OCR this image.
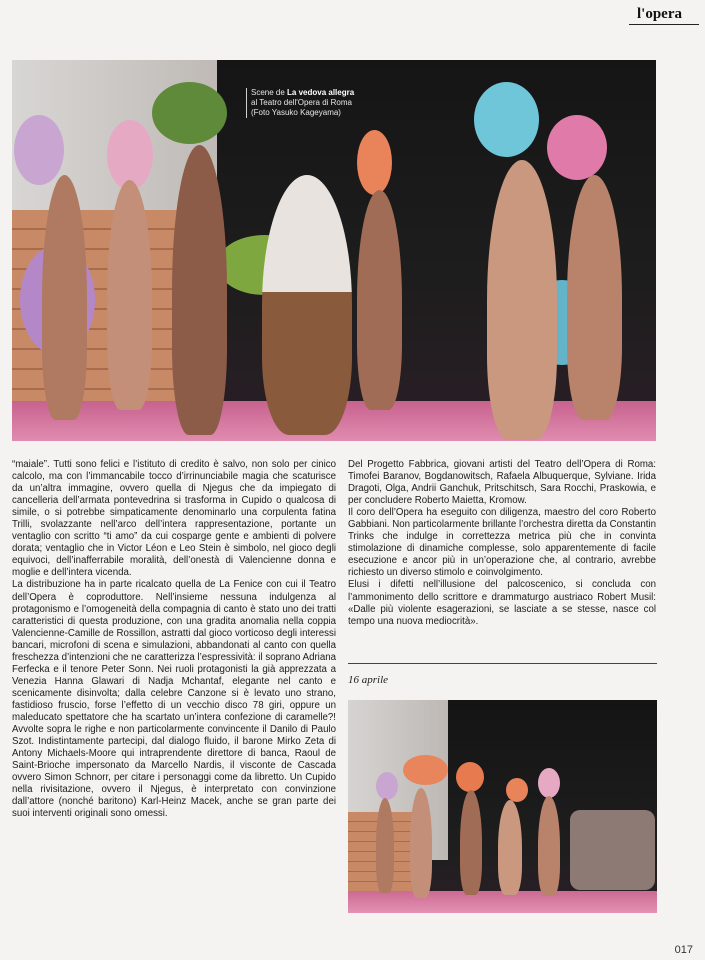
l'opera
Scene de La vedova allegra
al Teatro dell'Opera di Roma
(Foto Yasuko Kageyama)

“maiale”. Tutti sono felici e l’istituto di credito è salvo, non solo per cinico calcolo, ma con l’immancabile tocco d’irrinunciabile magia che scaturisce da un’altra immagine, ovvero quella di Njegus che da impiegato di cancelleria dell’armata pontevedrina si trasforma in Cupido o qualcosa di simile, o si potrebbe simpaticamente denominarlo una corpulenta fatina Trilli, svolazzante nell’arco dell’intera rappresentazione, portante un ventaglio con scritto “ti amo” da cui cosparge gente e ambienti di polvere dorata; ventaglio che in Victor Léon e Leo Stein è simbolo, nel gioco degli equivoci, dell’inafferrabile moralità, dell’onestà di Valencienne donna e moglie e dell’intera vicenda.

La distribuzione ha in parte ricalcato quella de La Fenice con cui il Teatro dell’Opera è coproduttore. Nell’insieme nessuna indulgenza al protagonismo e l’omogeneità della compagnia di canto è stato uno dei tratti caratteristici di questa produzione, con una gradita anomalia nella coppia Valencienne-Camille de Rossillon, astratti dal gioco vorticoso degli interessi bancari, microfoni di scena e simulazioni, abbandonati al canto con quella freschezza d’intenzioni che ne caratterizza l’espressività: il soprano Adriana Ferfecka e il tenore Peter Sonn. Nei ruoli protagonisti la già apprezzata a Venezia Hanna Glawari di Nadja Mchantaf, elegante nel canto e scenicamente disinvolta; dalla celebre Canzone si è levato uno strano, fastidioso fruscio, forse l’effetto di un vecchio disco 78 giri, oppure un maleducato spettatore che ha scartato un’intera confezione di caramelle?! Avvolte sopra le righe e non particolarmente convincente il Danilo di Paulo Szot. Indistintamente partecipi, dal dialogo fluido, il barone Mirko Zeta di Antony Michaels-Moore qui intraprendente direttore di banca, Raoul de Saint-Brioche impersonato da Marcello Nardis, il visconte de Cascada ovvero Simon Schnorr, per citare i personaggi come da libretto. Un Cupido nella rivisitazione, ovvero il Njegus, è interpretato con convinzione dall’attore (nonché baritono) Karl-Heinz Macek, anche se gran parte dei suoi interventi originali sono omessi.

Del Progetto Fabbrica, giovani artisti del Teatro dell’Opera di Roma: Timofei Baranov, Bogdanowitsch, Rafaela Albuquerque, Sylviane. Irida Dragoti, Olga, Andrii Ganchuk, Pritschitsch, Sara Rocchi, Praskowia, e per concludere Roberto Maietta, Kromow.

Il coro dell’Opera ha eseguito con diligenza, maestro del coro Roberto Gabbiani. Non particolarmente brillante l’orchestra diretta da Constantin Trinks che indulge in correttezza metrica più che in convinta stimolazione di dinamiche complesse, solo apparentemente di facile esecuzione e ancor più in un’operazione che, al contrario, avrebbe richiesto un diverso stimolo e coinvolgimento.

Elusi i difetti nell’illusione del palcoscenico, si concluda con l’ammonimento dello scrittore e drammaturgo austriaco Robert Musil: «Dalle più violente esagerazioni, se lasciate a se stesse, nasce col tempo una nuova mediocrità».

16 aprile
017
